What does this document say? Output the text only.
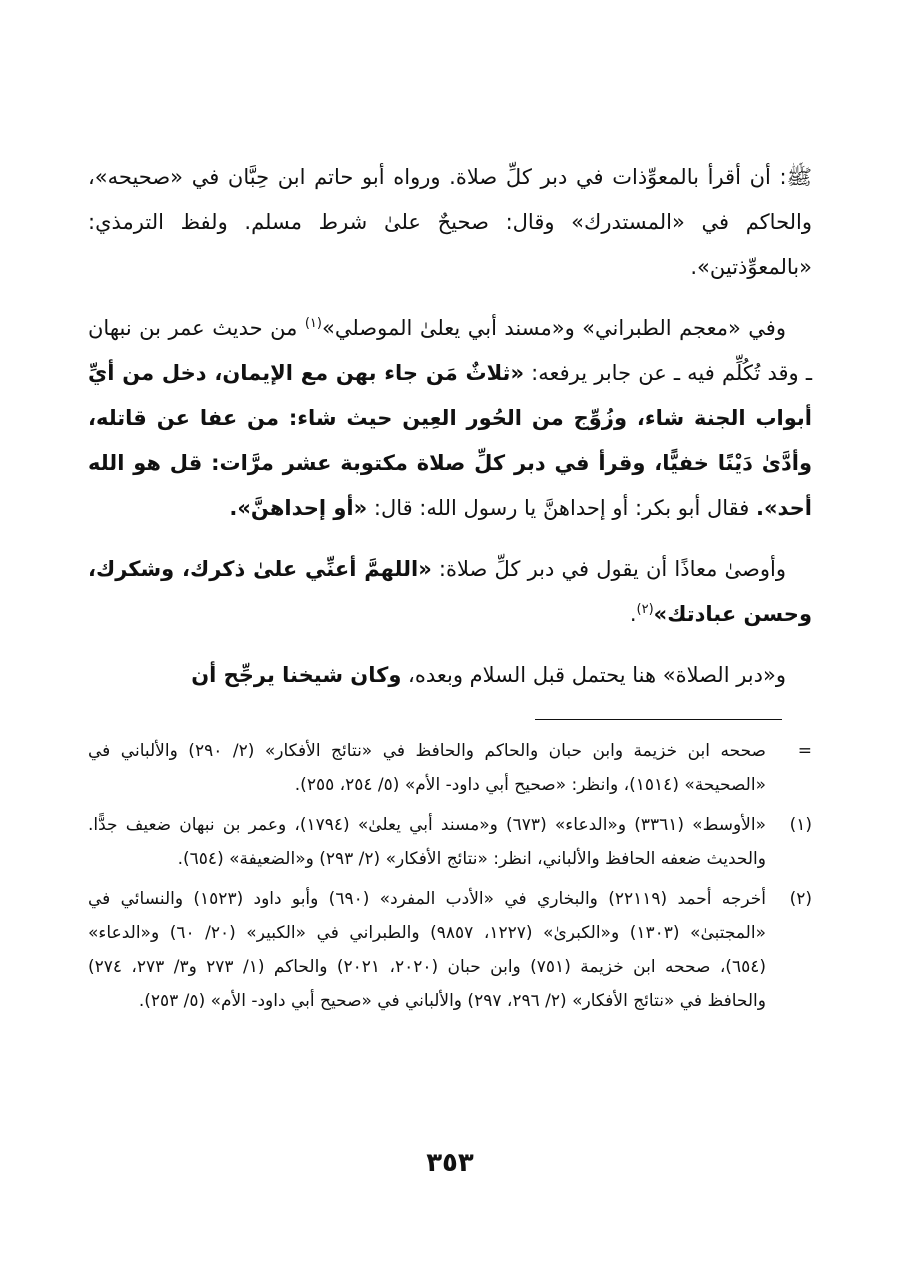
ﷺ: أن أقرأ بالمعوِّذات في دبر كلِّ صلاة. ورواه أبو حاتم ابن حِبَّان في «صحيحه»، والحاكم في «المستدرك» وقال: صحيحٌ علىٰ شرط مسلم. ولفظ الترمذي: «بالمعوِّذتين».

وفي «معجم الطبراني» و«مسند أبي يعلىٰ الموصلي»$^{(١)}$ من حديث عمر بن نبهان ـ وقد تُكُلِّم فيه ـ عن جابر يرفعه: «ثلاثٌ مَن جاء بهن مع الإيمان، دخل من أيِّ أبواب الجنة شاء، وزُوِّج من الحُور العِين حيث شاء: من عفا عن قاتله، وأدَّىٰ دَيْنًا خفيًّا، وقرأ في دبر كلِّ صلاة مكتوبة عشر مرَّات: قل هو الله أحد». فقال أبو بكر: أو إحداهنَّ يا رسول الله: قال: «أو إحداهنَّ».

وأوصىٰ معاذًا أن يقول في دبر كلِّ صلاة: «اللهمَّ أعنِّي علىٰ ذكرك، وشكرك، وحسن عبادتك»$^{(٢)}$.

و«دبر الصلاة» هنا يحتمل قبل السلام وبعده، وكان شيخنا يرجِّح أن

=
صححه ابن خزيمة وابن حبان والحاكم والحافظ في «نتائج الأفكار» (٢/ ٢٩٠) والألباني في «الصحيحة» (١٥١٤)، وانظر: «صحيح أبي داود- الأم» (٥/ ٢٥٤، ٢٥٥).
(١)
«الأوسط» (٣٣٦١) و«الدعاء» (٦٧٣) و«مسند أبي يعلىٰ» (١٧٩٤)، وعمر بن نبهان ضعيف جدًّا. والحديث ضعفه الحافظ والألباني، انظر: «نتائج الأفكار» (٢/ ٢٩٣) و«الضعيفة» (٦٥٤).
(٢)
أخرجه أحمد (٢٢١١٩) والبخاري في «الأدب المفرد» (٦٩٠) وأبو داود (١٥٢٣) والنسائي في «المجتبىٰ» (١٣٠٣) و«الكبرىٰ» (١٢٢٧، ٩٨٥٧) والطبراني في «الكبير» (٢٠/ ٦٠) و«الدعاء» (٦٥٤)، صححه ابن خزيمة (٧٥١) وابن حبان (٢٠٢٠، ٢٠٢١) والحاكم (١/ ٢٧٣ و٣/ ٢٧٣، ٢٧٤) والحافظ في «نتائج الأفكار» (٢/ ٢٩٦، ٢٩٧) والألباني في «صحيح أبي داود- الأم» (٥/ ٢٥٣).
٣٥٣
